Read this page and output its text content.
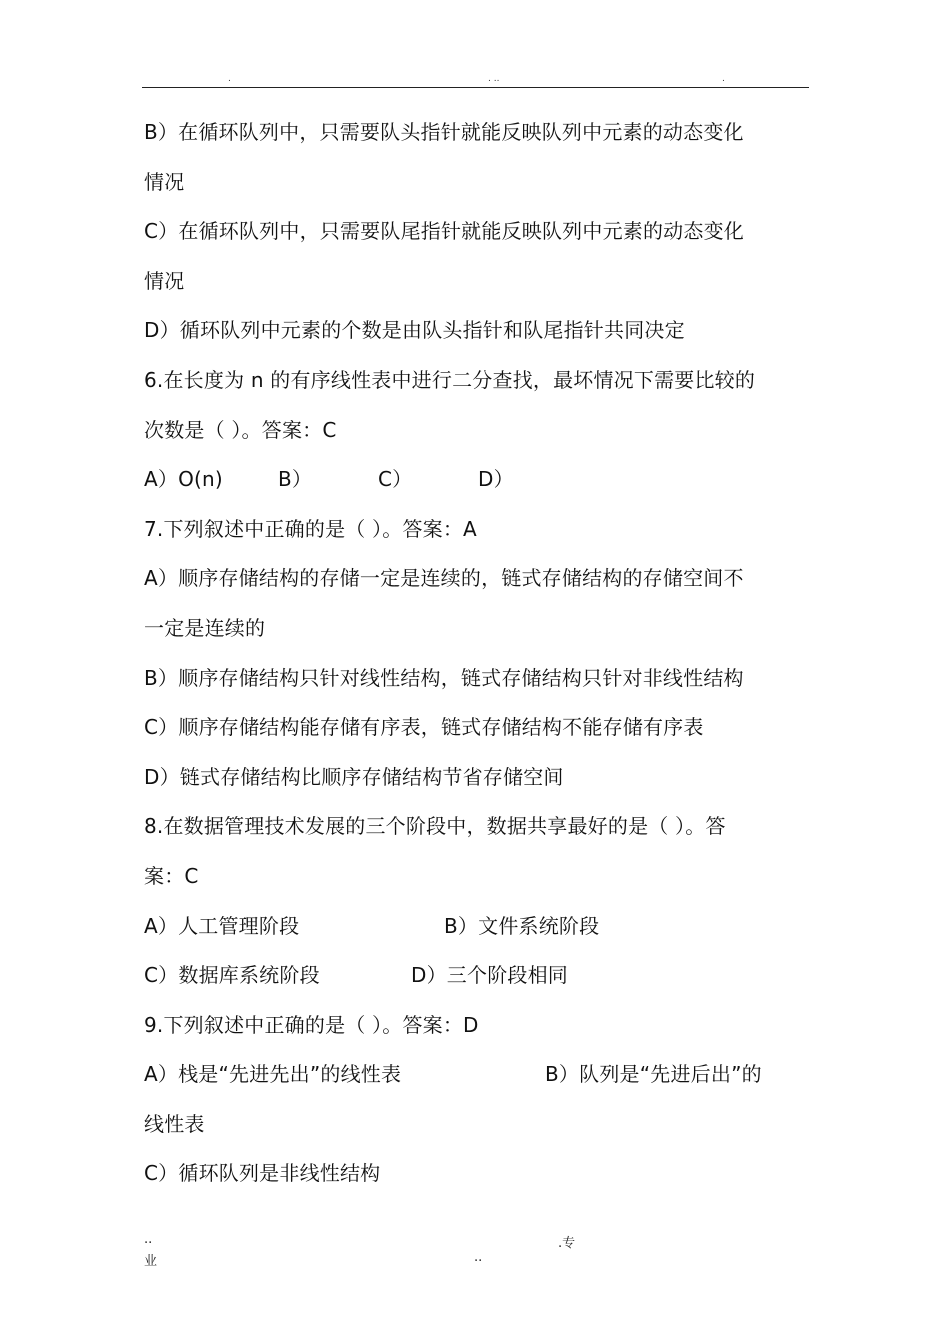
.	. ..	.
B）在循环队列中，只需要队头指针就能反映队列中元素的动态变化
情况
C）在循环队列中，只需要队尾指针就能反映队列中元素的动态变化
情况
D）循环队列中元素的个数是由队头指针和队尾指针共同决定
6.在长度为 n 的有序线性表中进行二分查找，最坏情况下需要比较的
次数是（ ）。答案：C
A）O(n)	B）	C）	D）
7.下列叙述中正确的是（ ）。答案：A
A）顺序存储结构的存储一定是连续的，链式存储结构的存储空间不
一定是连续的
B）顺序存储结构只针对线性结构，链式存储结构只针对非线性结构
C）顺序存储结构能存储有序表，链式存储结构不能存储有序表
D）链式存储结构比顺序存储结构节省存储空间
8.在数据管理技术发展的三个阶段中，数据共享最好的是（ ）。答
案：C
A）人工管理阶段	B）文件系统阶段
C）数据库系统阶段	D）三个阶段相同
9.下列叙述中正确的是（ ）。答案：D
A）栈是“先进先出”的线性表	B）队列是“先进后出”的
线性表
C）循环队列是非线性结构
..
业	..
.专
